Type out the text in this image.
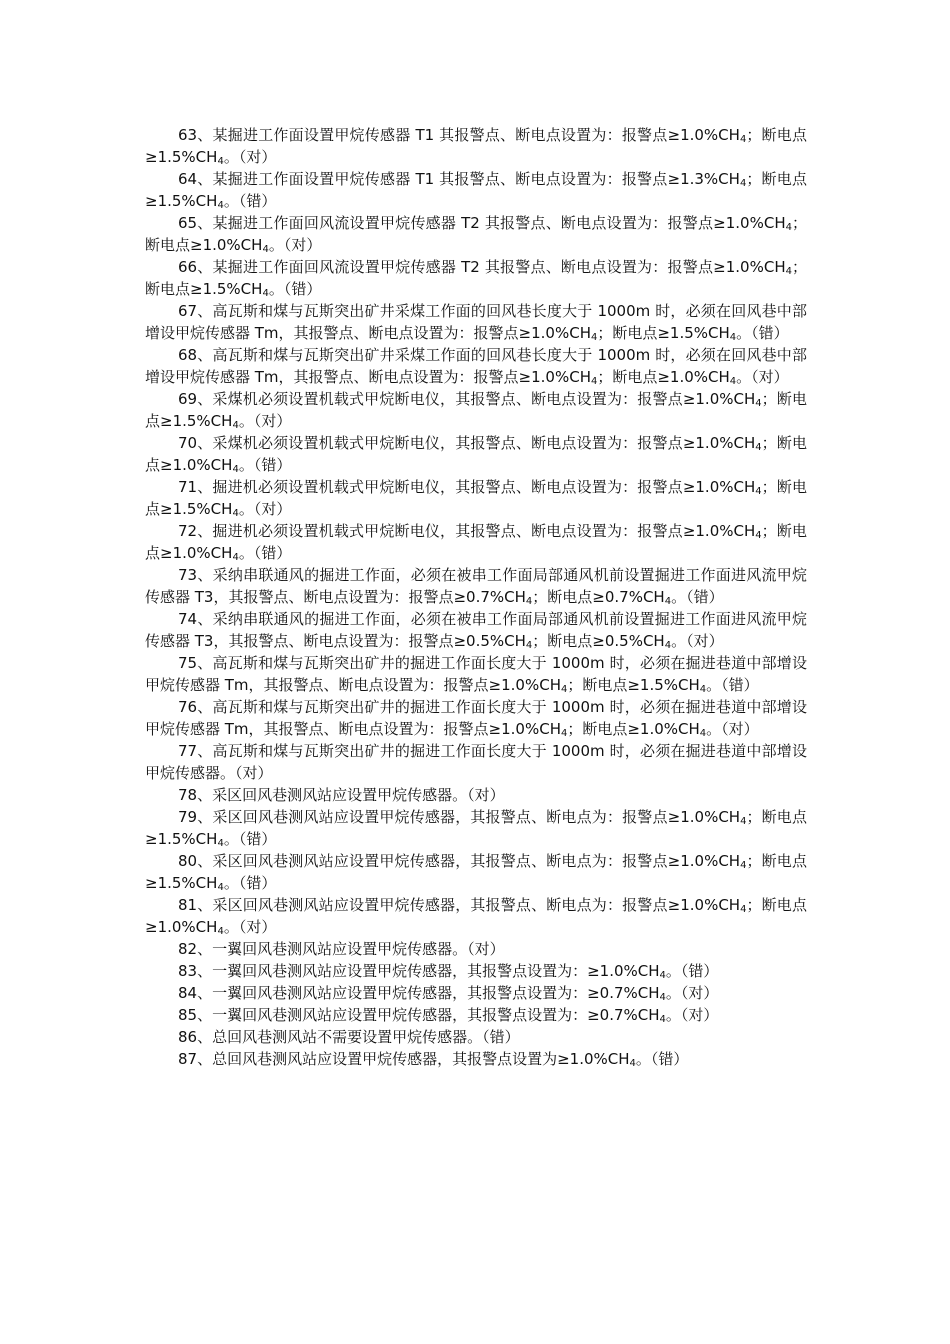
63、某掘进工作面设置甲烷传感器 T1 其报警点、断电点设置为：报警点$\ge 1.0\%CH_4$；断电点$\ge 1.5\%CH_4$。（对）

64、某掘进工作面设置甲烷传感器 T1 其报警点、断电点设置为：报警点$\ge 1.3\%CH_4$；断电点$\ge 1.5\%CH_4$。（错）

65、某掘进工作面回风流设置甲烷传感器 T2 其报警点、断电点设置为：报警点$\ge 1.0\%CH_4$；断电点$\ge 1.0\%CH_4$。（对）

66、某掘进工作面回风流设置甲烷传感器 T2 其报警点、断电点设置为：报警点$\ge 1.0\%CH_4$；断电点$\ge 1.5\%CH_4$。（错）

67、高瓦斯和煤与瓦斯突出矿井采煤工作面的回风巷长度大于 1000m 时，必须在回风巷中部增设甲烷传感器 Tm，其报警点、断电点设置为：报警点$\ge 1.0\%CH_4$；断电点$\ge 1.5\%CH_4$。（错）

68、高瓦斯和煤与瓦斯突出矿井采煤工作面的回风巷长度大于 1000m 时，必须在回风巷中部增设甲烷传感器 Tm，其报警点、断电点设置为：报警点$\ge 1.0\%CH_4$；断电点$\ge 1.0\%CH_4$。（对）

69、采煤机必须设置机载式甲烷断电仪，其报警点、断电点设置为：报警点$\ge 1.0\%CH_4$；断电点$\ge 1.5\%CH_4$。（对）

70、采煤机必须设置机载式甲烷断电仪，其报警点、断电点设置为：报警点$\ge 1.0\%CH_4$；断电点$\ge 1.0\%CH_4$。（错）

71、掘进机必须设置机载式甲烷断电仪，其报警点、断电点设置为：报警点$\ge 1.0\%CH_4$；断电点$\ge 1.5\%CH_4$。（对）

72、掘进机必须设置机载式甲烷断电仪，其报警点、断电点设置为：报警点$\ge 1.0\%CH_4$；断电点$\ge 1.0\%CH_4$。（错）

73、采纳串联通风的掘进工作面，必须在被串工作面局部通风机前设置掘进工作面进风流甲烷传感器 T3，其报警点、断电点设置为：报警点$\ge 0.7\%CH_4$；断电点$\ge 0.7\%CH_4$。（错）

74、采纳串联通风的掘进工作面，必须在被串工作面局部通风机前设置掘进工作面进风流甲烷传感器 T3，其报警点、断电点设置为：报警点$\ge 0.5\%CH_4$；断电点$\ge 0.5\%CH_4$。（对）

75、高瓦斯和煤与瓦斯突出矿井的掘进工作面长度大于 1000m 时，必须在掘进巷道中部增设甲烷传感器 Tm，其报警点、断电点设置为：报警点$\ge 1.0\%CH_4$；断电点$\ge 1.5\%CH_4$。（错）

76、高瓦斯和煤与瓦斯突出矿井的掘进工作面长度大于 1000m 时，必须在掘进巷道中部增设甲烷传感器 Tm，其报警点、断电点设置为：报警点$\ge 1.0\%CH_4$；断电点$\ge 1.0\%CH_4$。（对）

77、高瓦斯和煤与瓦斯突出矿井的掘进工作面长度大于 1000m 时，必须在掘进巷道中部增设甲烷传感器。（对）

78、采区回风巷测风站应设置甲烷传感器。（对）

79、采区回风巷测风站应设置甲烷传感器，其报警点、断电点为：报警点$\ge 1.0\%CH_4$；断电点$\ge 1.5\%CH_4$。（错）

80、采区回风巷测风站应设置甲烷传感器，其报警点、断电点为：报警点$\ge 1.0\%CH_4$；断电点$\ge 1.5\%CH_4$。（错）

81、采区回风巷测风站应设置甲烷传感器，其报警点、断电点为：报警点$\ge 1.0\%CH_4$；断电点$\ge 1.0\%CH_4$。（对）

82、一翼回风巷测风站应设置甲烷传感器。（对）

83、一翼回风巷测风站应设置甲烷传感器，其报警点设置为：$\ge 1.0\%CH_4$。（错）

84、一翼回风巷测风站应设置甲烷传感器，其报警点设置为：$\ge 0.7\%CH_4$。（对）

85、一翼回风巷测风站应设置甲烷传感器，其报警点设置为：$\ge 0.7\%CH_4$。（对）

86、总回风巷测风站不需要设置甲烷传感器。（错）

87、总回风巷测风站应设置甲烷传感器，其报警点设置为$\ge 1.0\%CH_4$。（错）
